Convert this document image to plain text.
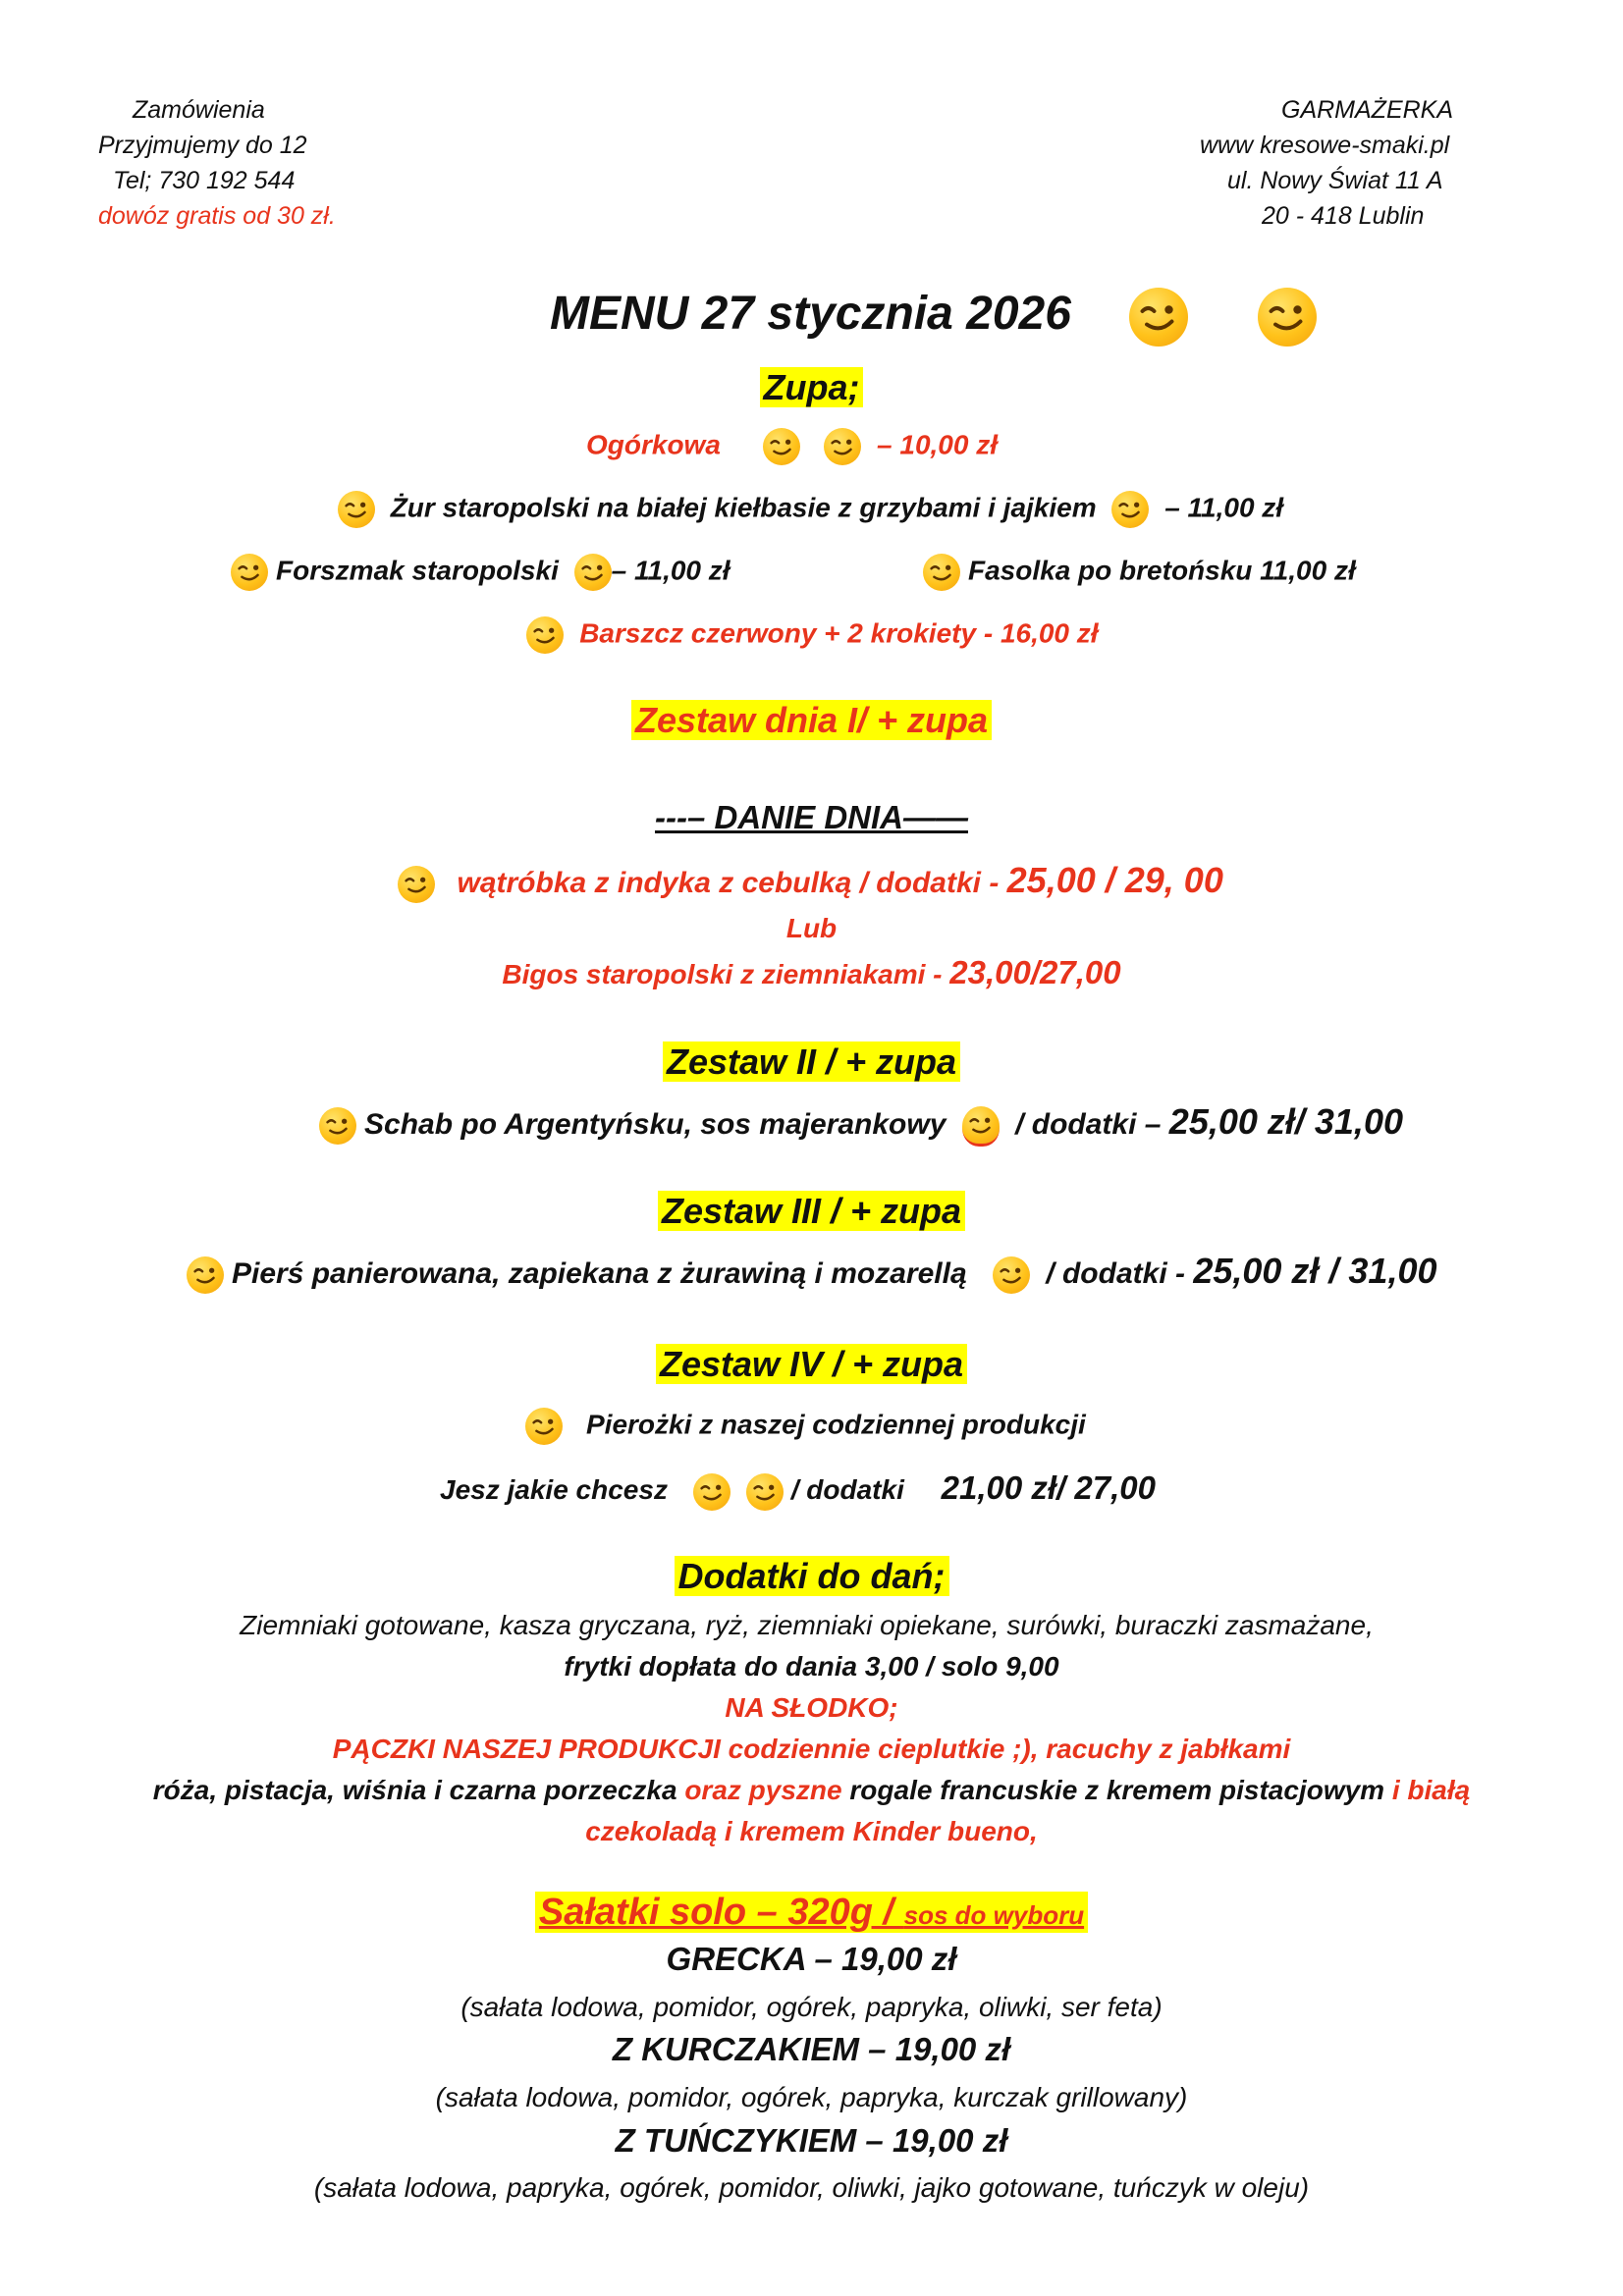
Zamówienia
Przyjmujemy do 12
Tel; 730 192 544
dowóz gratis od 30 zł.
GARMAŻERKA
www kresowe-smaki.pl
ul. Nowy Świat 11 A
20 - 418 Lublin
MENU 27 stycznia 2026

Zupa;
Ogórkowa
	– 10,00 zł
Żur staropolski na białej kiełbasie z grzybami i jajkiem – 11,00 zł
Forszmak staropolski – 11,00 zł	Fasolka po bretońsku 11,00 zł
Barszcz czerwony + 2 krokiety - 16,00 zł
Zestaw dnia I/ + zupa
---– DANIE DNIA——
wątróbka z indyka z cebulką / dodatki - 25,00 / 29, 00
Lub
Bigos staropolski z ziemniakami - 23,00/27,00
Zestaw II / + zupa
Schab po Argentyńsku, sos majerankowy / dodatki – 25,00 zł/ 31,00
Zestaw III / + zupa
Pierś panierowana, zapiekana z żurawiną i mozarellą	/ dodatki - 25,00 zł / 31,00
Zestaw IV / + zupa
Pierożki z naszej codziennej produkcji
Jesz jakie chcesz	/ dodatki 21,00 zł/ 27,00
Dodatki do dań;
Ziemniaki gotowane, kasza gryczana, ryż, ziemniaki opiekane, surówki, buraczki zasmażane,
frytki dopłata do dania 3,00 / solo 9,00
NA SŁODKO;
PĄCZKI NASZEJ PRODUKCJI codziennie cieplutkie ;), racuchy z jabłkami
róża, pistacja, wiśnia i czarna porzeczka oraz pyszne rogale francuskie z kremem pistacjowym i białą
czekoladą i kremem Kinder bueno,
Sałatki solo – 320g / sos do wyboru
GRECKA – 19,00 zł
(sałata lodowa, pomidor, ogórek, papryka, oliwki, ser feta)
Z KURCZAKIEM – 19,00 zł
(sałata lodowa, pomidor, ogórek, papryka, kurczak grillowany)
Z TUŃCZYKIEM – 19,00 zł
(sałata lodowa, papryka, ogórek, pomidor, oliwki, jajko gotowane, tuńczyk w oleju)
